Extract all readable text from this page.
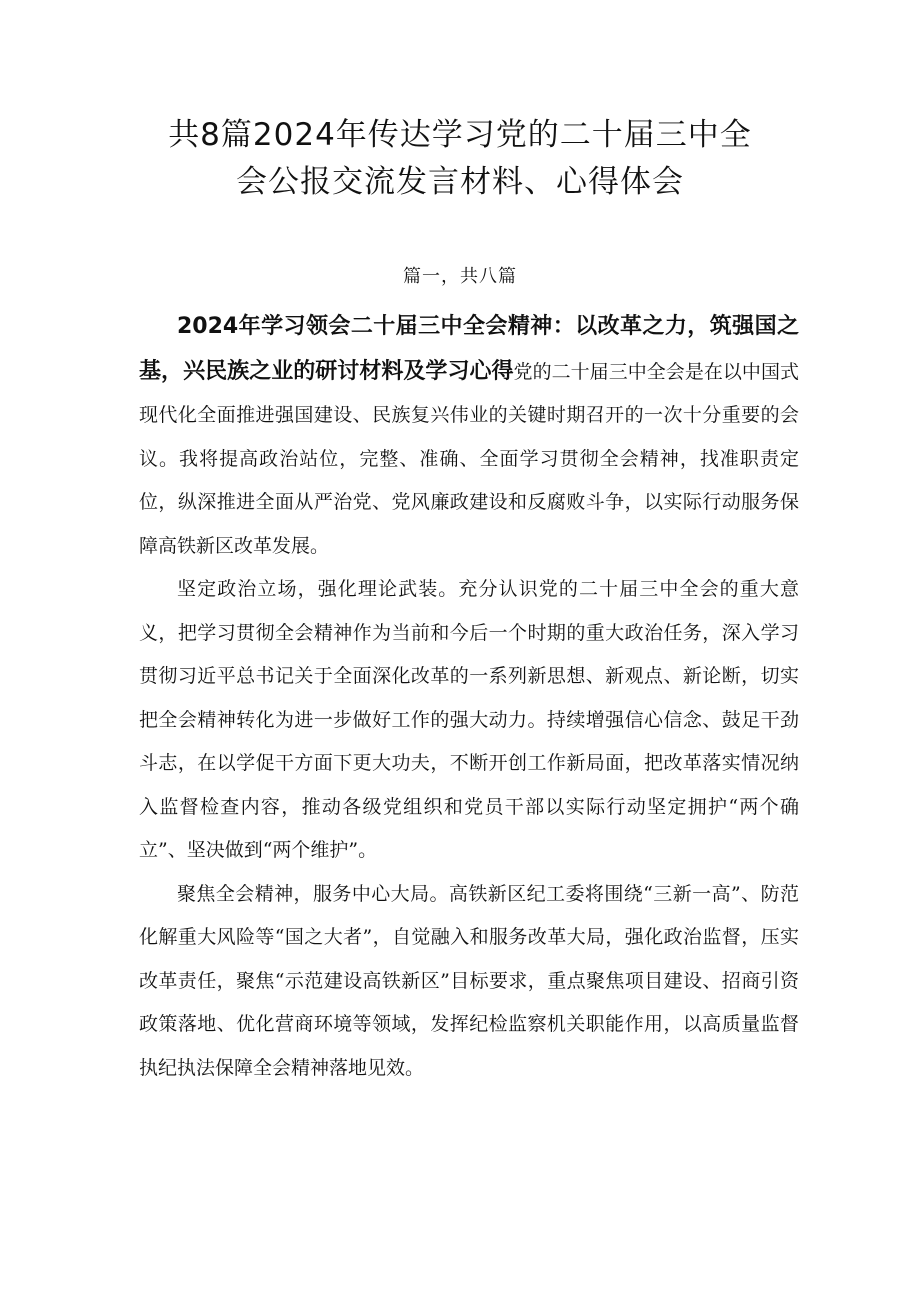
共8篇2024年传达学习党的二十届三中全
会公报交流发言材料、心得体会
篇一，共八篇

2024年学习领会二十届三中全会精神：以改革之力，筑强国之基，兴民族之业的研讨材料及学习心得党的二十届三中全会是在以中国式现代化全面推进强国建设、民族复兴伟业的关键时期召开的一次十分重要的会议。我将提高政治站位，完整、准确、全面学习贯彻全会精神，找准职责定位，纵深推进全面从严治党、党风廉政建设和反腐败斗争，以实际行动服务保障高铁新区改革发展。

坚定政治立场，强化理论武装。充分认识党的二十届三中全会的重大意义，把学习贯彻全会精神作为当前和今后一个时期的重大政治任务，深入学习贯彻习近平总书记关于全面深化改革的一系列新思想、新观点、新论断，切实把全会精神转化为进一步做好工作的强大动力。持续增强信心信念、鼓足干劲斗志，在以学促干方面下更大功夫，不断开创工作新局面，把改革落实情况纳入监督检查内容，推动各级党组织和党员干部以实际行动坚定拥护“两个确立”、坚决做到“两个维护”。

聚焦全会精神，服务中心大局。高铁新区纪工委将围绕“三新一高”、防范化解重大风险等“国之大者”，自觉融入和服务改革大局，强化政治监督，压实改革责任，聚焦“示范建设高铁新区”目标要求，重点聚焦项目建设、招商引资政策落地、优化营商环境等领域，发挥纪检监察机关职能作用，以高质量监督执纪执法保障全会精神落地见效。
